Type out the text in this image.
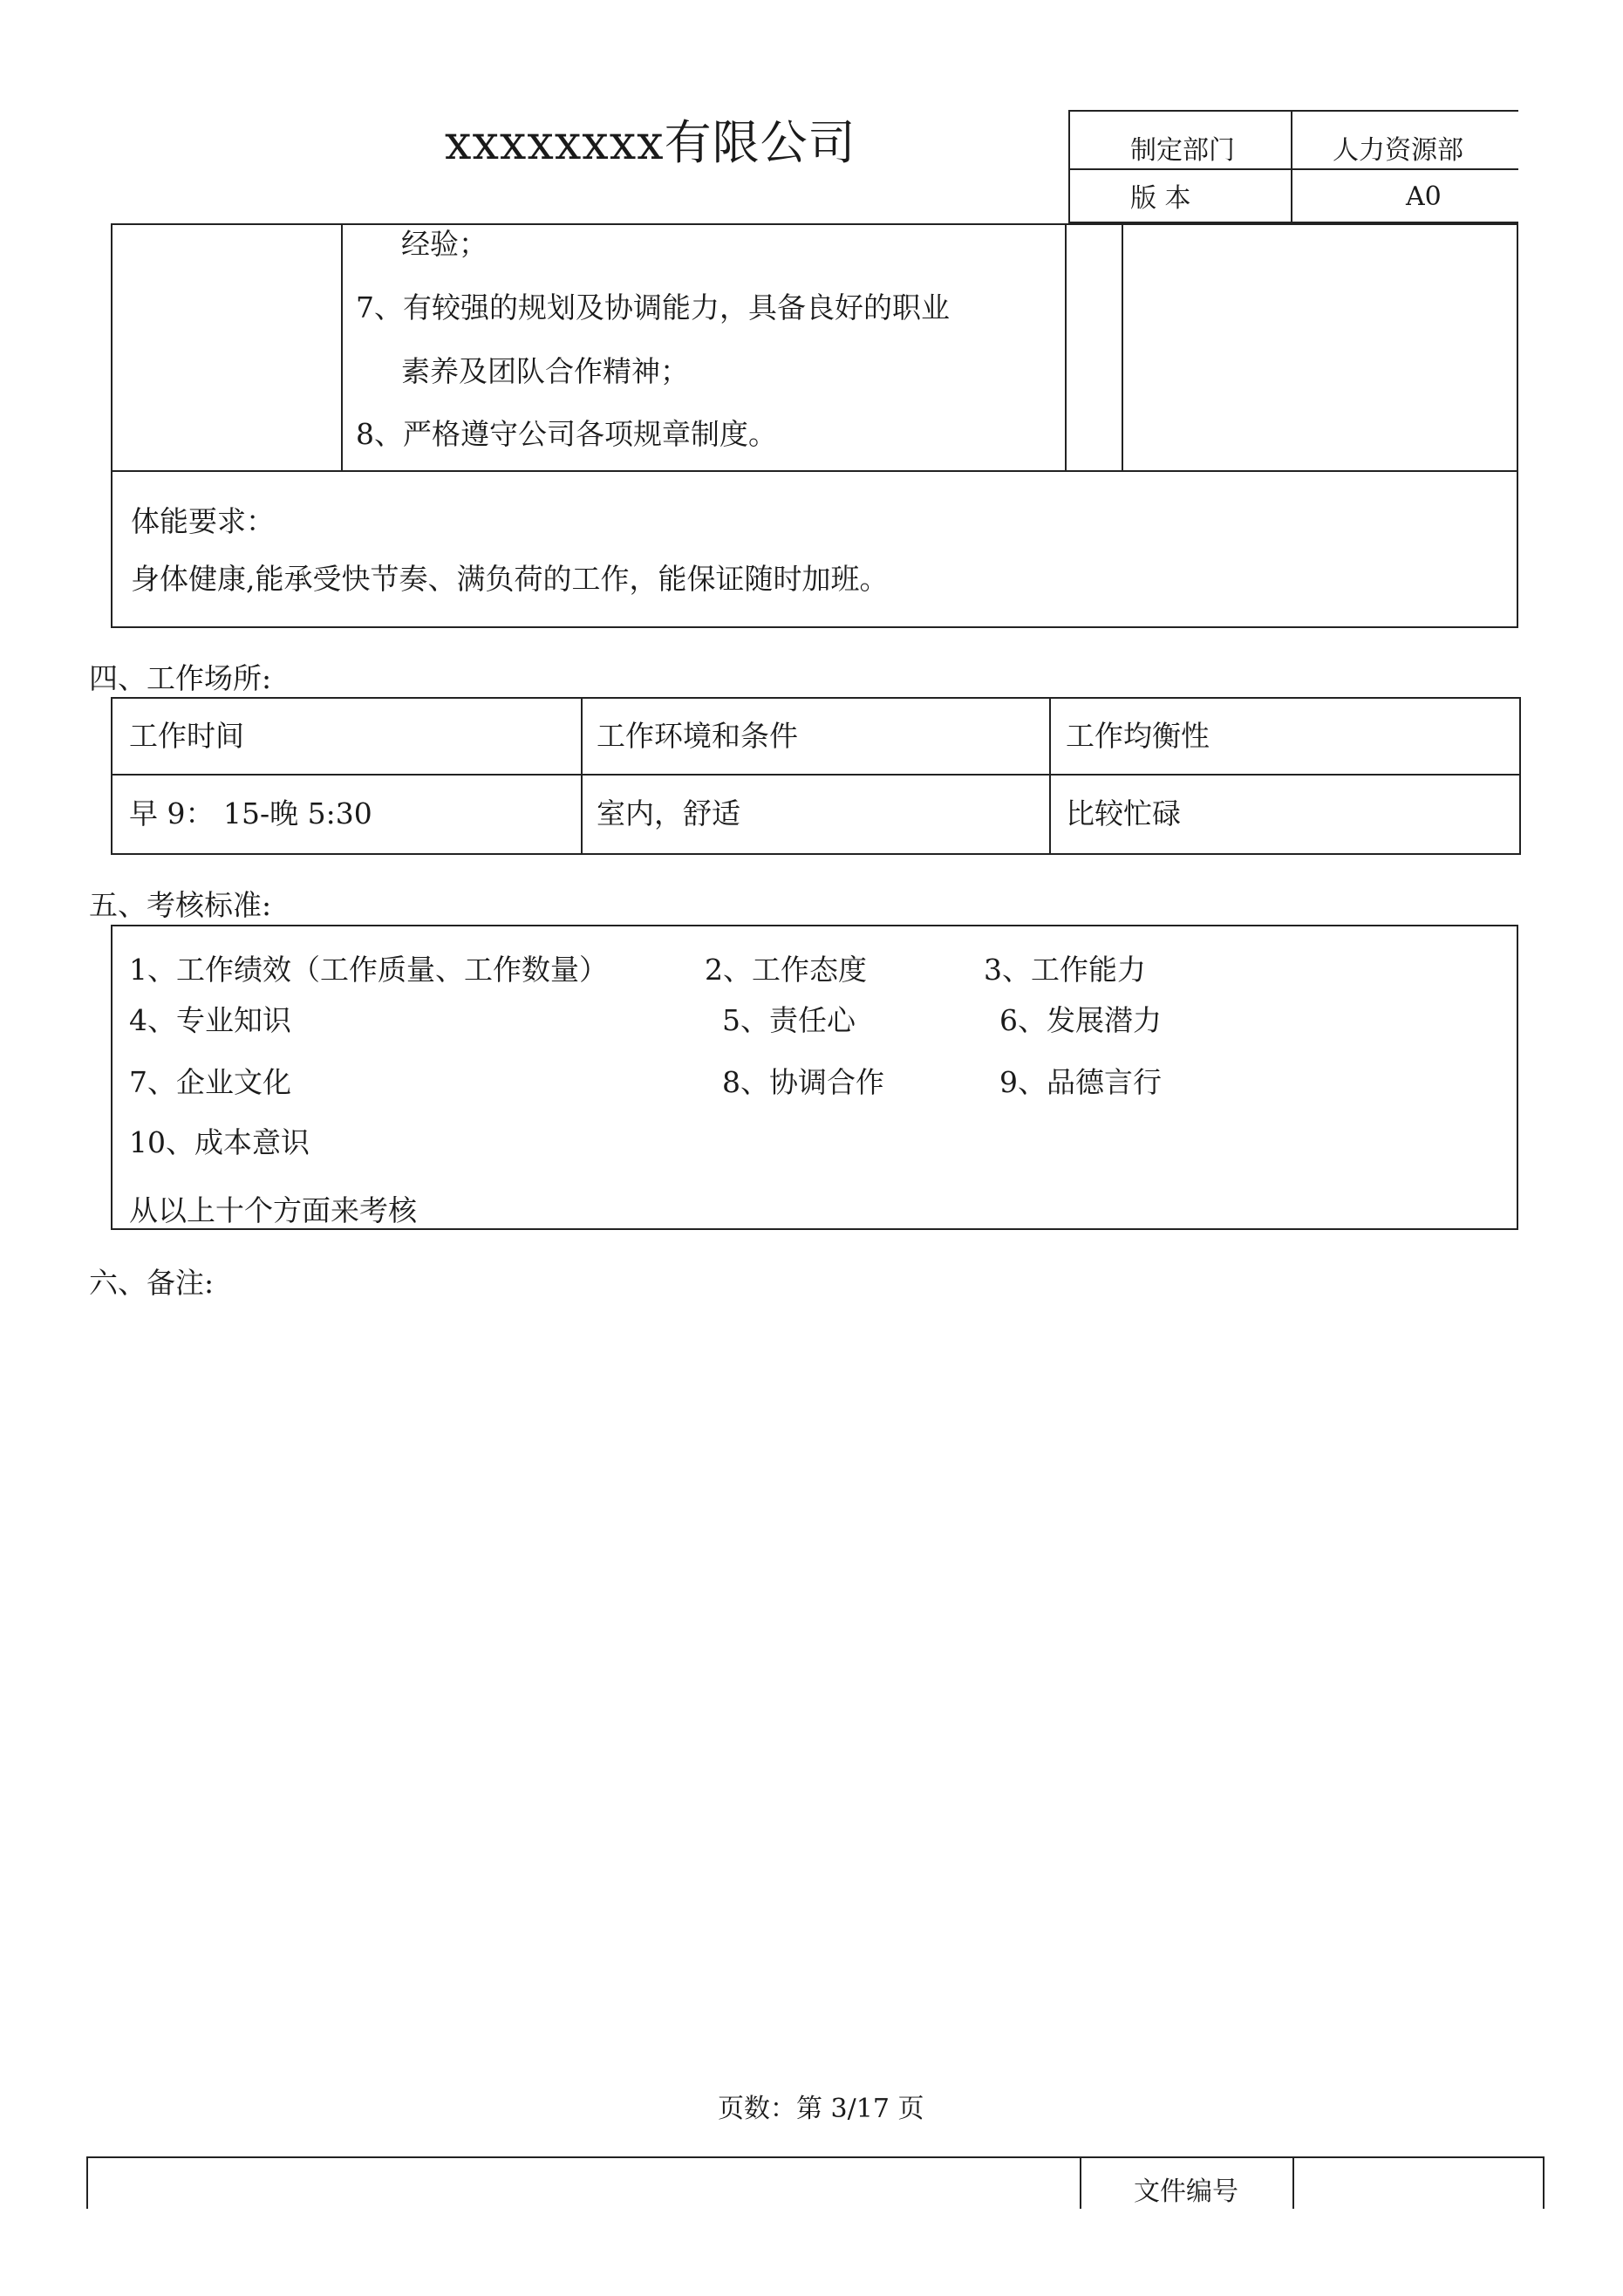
xxxxxxxx有限公司	制定部门	人力资源部
版 本	A0
经验；
7、有较强的规划及协调能力，具备良好的职业
素养及团队合作精神；
8、严格遵守公司各项规章制度。
体能要求：
身体健康,能承受快节奏、满负荷的工作，能保证随时加班。
四、工作场所:
工作时间	工作环境和条件	工作均衡性
早 9： 15-晚 5:30	室内，舒适	比较忙碌
五、考核标准:
1、工作绩效（工作质量、工作数量）	2、工作态度	3、工作能力
4、专业知识	5、责任心	6、发展潜力
7、企业文化	8、协调合作	9、品德言行
10、成本意识
从以上十个方面来考核
六、备注:
页数：第 3/17 页
文件编号
